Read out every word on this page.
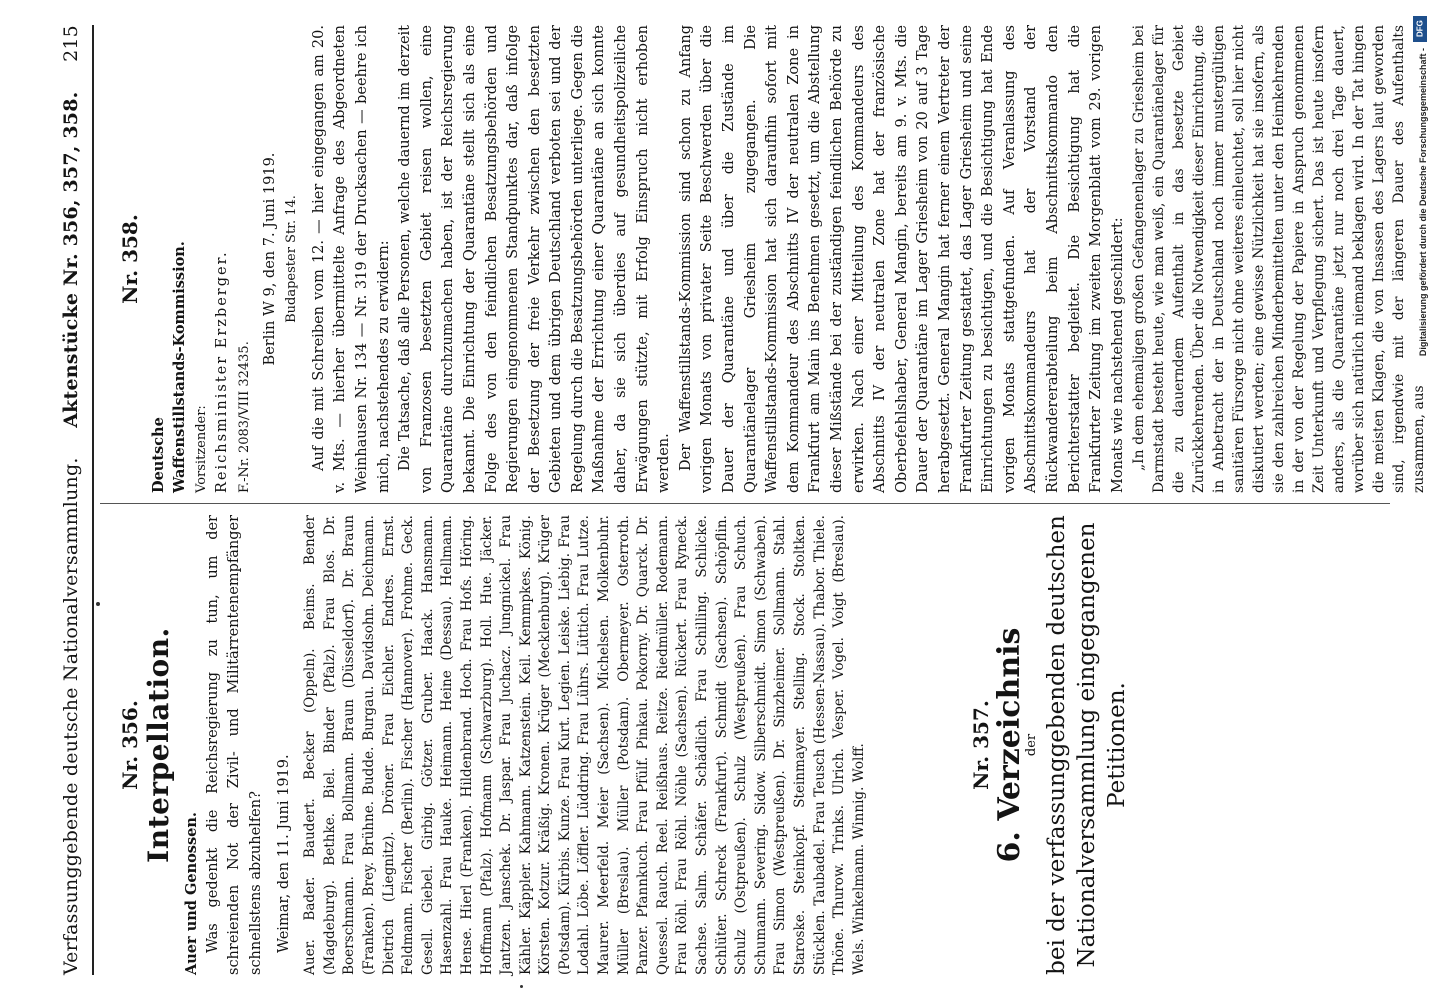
Verfassunggebende deutsche Nationalversammlung.
Aktenstücke Nr. 356, 357, 358.
215
Nr. 356. Interpellation.

Auer und Genossen. Was gedenkt die Reichsregierung zu tun, um der schreienden Not der Zivil- und Militärrentenempfänger schnellstens abzuhelfen? Weimar, den 11. Juni 1919. Auer. Bader. Baudert. Becker (Oppeln). Beims. Bender (Magdeburg). Bethke. Biel. Binder (Pfalz). Frau Blos. Dr. Boerschmann. Frau Bollmann. Braun (Düsseldorf). Dr. Braun (Franken). Brey. Brühne. Budde. Burgau. Davidsohn. Deichmann. Dietrich (Liegnitz). Dröner. Frau Eichler. Endres. Ernst. Feldmann. Fischer (Berlin). Fischer (Hannover). Frohme. Geck. Gesell. Giebel. Girbig. Götzer. Gruber. Haack. Hansmann. Hasenzahl. Frau Hauke. Heimann. Heine (Dessau). Hellmann. Hense. Hierl (Franken). Hildenbrand. Hoch. Frau Hofs. Höring. Hoffmann (Pfalz). Hofmann (Schwarzburg). Holl. Hue. Jäcker. Jantzen. Janschek. Dr. Jaspar. Frau Juchacz. Jungnickel. Frau Kähler. Käppler. Kahmann. Katzenstein. Keil. Kemmpkes. König. Körsten. Kotzur. Kräßig. Kronen. Krüger (Mecklenburg). Krüger (Potsdam). Kürbis. Kunze. Frau Kurt. Legien. Leiske. Liebig. Frau Lodahl. Löbe. Löffler. Lüddring. Frau Lührs. Lüttich. Frau Lutze. Maurer. Meerfeld. Meier (Sachsen). Michelsen. Molkenbuhr. Müller (Breslau). Müller (Potsdam). Obermeyer. Osterroth. Panzer. Pfannkuch. Frau Pfülf. Pinkau. Pokorny. Dr. Quarck. Dr. Quessel. Rauch. Reel. Reißhaus. Reitze. Riedmüller. Rodemann. Frau Röhl. Frau Röhl. Nöhle (Sachsen). Rückert. Frau Ryneck. Sachse. Salm. Schäfer. Schädlich. Frau Schilling. Schlicke. Schlüter. Schreck (Frankfurt). Schmidt (Sachsen). Schöpflin. Schulz (Ostpreußen). Schulz (Westpreußen). Frau Schuch. Schumann. Severing. Sidow. Silberschmidt. Simon (Schwaben). Frau Simon (Westpreußen). Dr. Sinzheimer. Sollmann. Stahl. Staroske. Steinkopf. Steinmayer. Stelling. Stock. Stoltken. Stücklen. Taubadel. Frau Teusch (Hessen-Nassau). Thabor. Thiele. Thöne. Thurow. Trinks. Ulrich. Vesper. Vogel. Voigt (Breslau). Wels. Winkelmann. Winnig. Wolff.	Nr. 357.
6. Verzeichnis
der bei der verfassunggebenden deutschen Nationalversammlung eingegangenen Petitionen.
Nr. 358.

Deutsche Waffenstillstands-Kommission. Vorsitzender: Reichsminister Erzberger. F.-Nr. 2083/VIII 32435.

Berlin W 9, den 7. Juni 1919. Budapester Str. 14. Auf die mit Schreiben vom 12. — hier eingegangen am 20. v. Mts. — hierher übermittelte Anfrage des Abgeordneten Weinhausen Nr. 134 — Nr. 319 der Drucksachen — beehre ich mich, nachstehendes zu erwidern: Die Tatsache, daß alle Personen, welche dauernd im derzeit von Franzosen besetzten Gebiet reisen wollen, eine Quarantäne durchzumachen haben, ist der Reichsregierung bekannt. Die Einrichtung der Quarantäne stellt sich als eine Folge des von den feindlichen Besatzungsbehörden und Regierungen eingenommenen Standpunktes dar, daß infolge der Besetzung der freie Verkehr zwischen den besetzten Gebieten und dem übrigen Deutschland verboten sei und der Regelung durch die Besatzungsbehörden unterliege. Gegen die Maßnahme der Errichtung einer Quarantäne an sich konnte daher, da sie sich überdies auf gesundheitspolizeiliche Erwägungen stützte, mit Erfolg Einspruch nicht erhoben werden. Der Waffenstillstands-Kommission sind schon zu Anfang vorigen Monats von privater Seite Beschwerden über die Dauer der Quarantäne und über die Zustände im Quarantänelager Griesheim zugegangen. Die Waffenstillstands-Kommission hat sich daraufhin sofort mit dem Kommandeur des Abschnitts IV der neutralen Zone in Frankfurt am Main ins Benehmen gesetzt, um die Abstellung dieser Mißstände bei der zuständigen feindlichen Behörde zu erwirken. Nach einer Mitteilung des Kommandeurs des Abschnitts IV der neutralen Zone hat der französische Oberbefehlshaber, General Mangin, bereits am 9. v. Mts. die Dauer der Quarantäne im Lager Griesheim von 20 auf 3 Tage herabgesetzt. General Mangin hat ferner einem Vertreter der Frankfurter Zeitung gestattet, das Lager Griesheim und seine Einrichtungen zu besichtigen, und die Besichtigung hat Ende vorigen Monats stattgefunden. Auf Veranlassung des Abschnittskommandeurs hat der Vorstand der Rückwandererabteilung beim Abschnittskommando den Berichterstatter begleitet. Die Besichtigung hat die Frankfurter Zeitung im zweiten Morgenblatt vom 29. vorigen Monats wie nachstehend geschildert: „In dem ehemaligen großen Gefangenenlager zu Griesheim bei Darmstadt besteht heute, wie man weiß, ein Quarantänelager für die zu dauerndem Aufenthalt in das besetzte Gebiet Zurückkehrenden. Über die Notwendigkeit dieser Einrichtung, die in Anbetracht der in Deutschland noch immer mustergültigen sanitären Fürsorge nicht ohne weiteres einleuchtet, soll hier nicht diskutiert werden; eine gewisse Nützlichkeit hat sie insofern, als sie den zahlreichen Minderbemittelten unter den Heimkehrenden in der von der Regelung der Papiere in Anspruch genommenen Zeit Unterkunft und Verpflegung sichert. Das ist heute insofern anders, als die Quarantäne jetzt nur noch drei Tage dauert, worüber sich natürlich niemand beklagen wird. In der Tat hingen die meisten Klagen, die von Insassen des Lagers laut geworden sind, irgendwie mit der längeren Dauer des Aufenthalts zusammen, aus

DFG
Digitalisierung gefördert durch die Deutsche Forschungsgemeinschaft -
